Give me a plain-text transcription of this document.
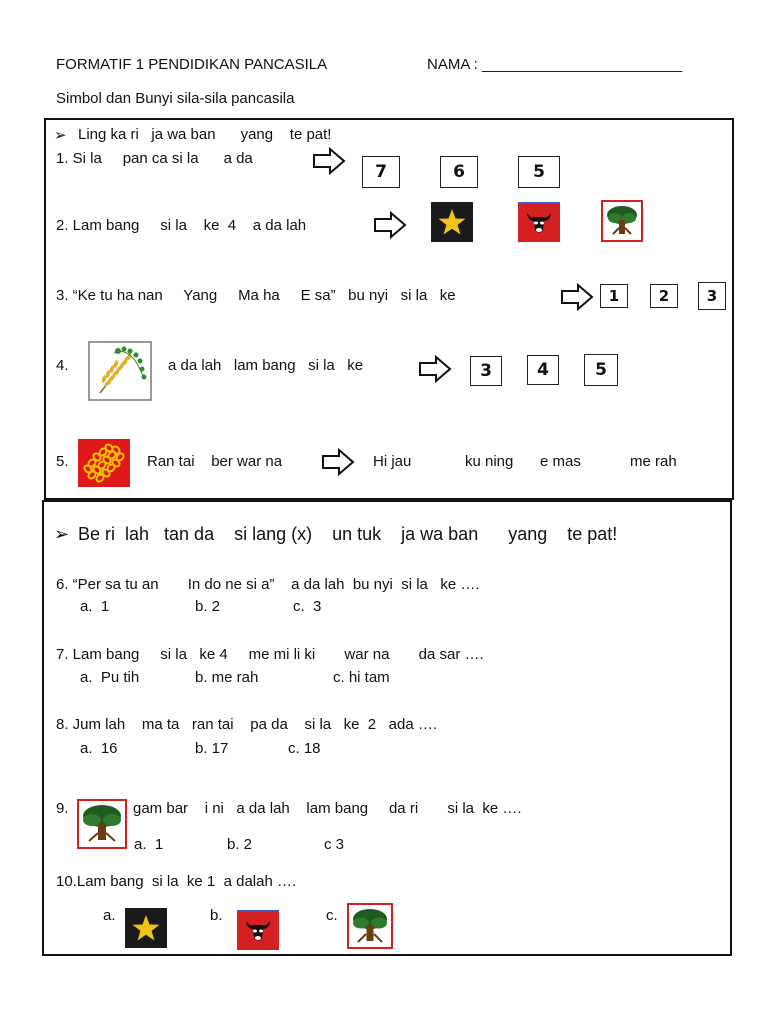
FORMATIF 1 PENDIDIKAN PANCASILA	NAMA : ________________________
Simbol dan Bunyi sila-sila pancasila
➢ Ling ka ri   ja wa ban      yang    te pat!
1. Si la     pan ca si la      a da
7	6	5
2. Lam bang     si la    ke  4    a da lah
3. “Ke tu ha nan     Yang     Ma ha     E sa”   bu nyi   si la   ke	1	2	3
4.	a da lah   lam bang   si la   ke	3	4	5
5.	Ran tai    ber war na	Hi jau	ku ning e mas	me rah
➢ Be ri  lah   tan da    si lang (x)    un tuk    ja wa ban      yang    te pat!
6. “Per sa tu an       In do ne si a”    a da lah  bu nyi  si la   ke ….
a.  1	b. 2	c.  3
7. Lam bang     si la   ke 4     me mi li ki       war na       da sar ….
a.  Pu tih	b. me rah	c. hi tam
8. Jum lah    ma ta   ran tai    pa da    si la   ke  2   ada ….
a.  16	b. 17	c. 18
9.	gam bar    i ni   a da lah    lam bang     da ri       si la  ke ….
a.  1	b. 2	c 3
10.Lam bang  si la  ke 1  a dalah ….
a.	b.	c.
